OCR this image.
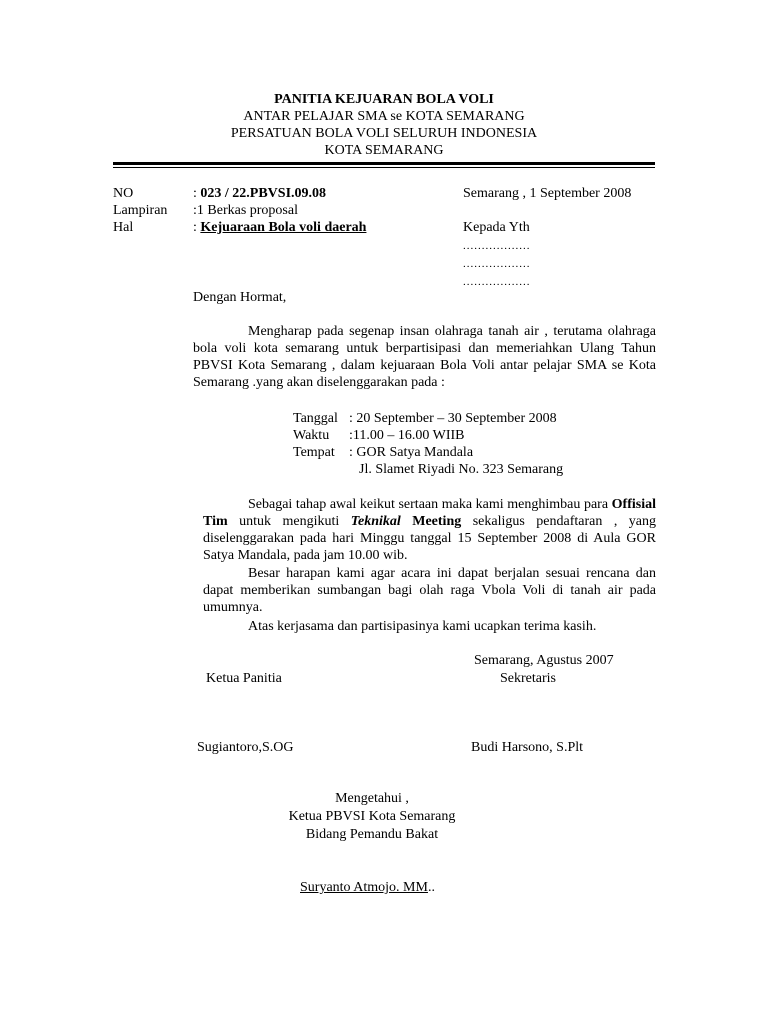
PANITIA KEJUARAN BOLA VOLI
ANTAR PELAJAR SMA se KOTA SEMARANG
PERSATUAN BOLA VOLI SELURUH INDONESIA
KOTA SEMARANG
NO	: 023 / 22.PBVSI.09.08	Semarang , 1 September 2008
Lampiran :1 Berkas proposal
Hal	: Kejuaraan Bola voli daerah	Kepada Yth
..................
..................
..................
Dengan Hormat,
Mengharap pada segenap insan olahraga tanah air , terutama olahraga bola voli kota semarang untuk berpartisipasi dan memeriahkan Ulang Tahun PBVSI Kota Semarang , dalam kejuaraan Bola Voli antar pelajar SMA se Kota Semarang .yang akan diselenggarakan pada :
Tanggal : 20 September – 30 September 2008
Waktu :11.00 – 16.00 WIIB
Tempat : GOR Satya Mandala
Jl. Slamet Riyadi No. 323 Semarang
Sebagai tahap awal keikut sertaan maka kami menghimbau para Offisial Tim untuk mengikuti Teknikal Meeting sekaligus pendaftaran , yang diselenggarakan pada hari Minggu tanggal 15 September 2008 di Aula GOR Satya Mandala, pada jam 10.00 wib.
Besar harapan kami agar acara ini dapat berjalan sesuai rencana dan dapat memberikan sumbangan bagi olah raga Vbola Voli di tanah air pada umumnya.
Atas kerjasama dan partisipasinya kami ucapkan terima kasih.
Semarang, Agustus 2007
Ketua Panitia	Sekretaris
Sugiantoro,S.OG	Budi Harsono, S.Plt
Mengetahui ,
Ketua PBVSI Kota Semarang
Bidang Pemandu Bakat
Suryanto Atmojo. MM..
